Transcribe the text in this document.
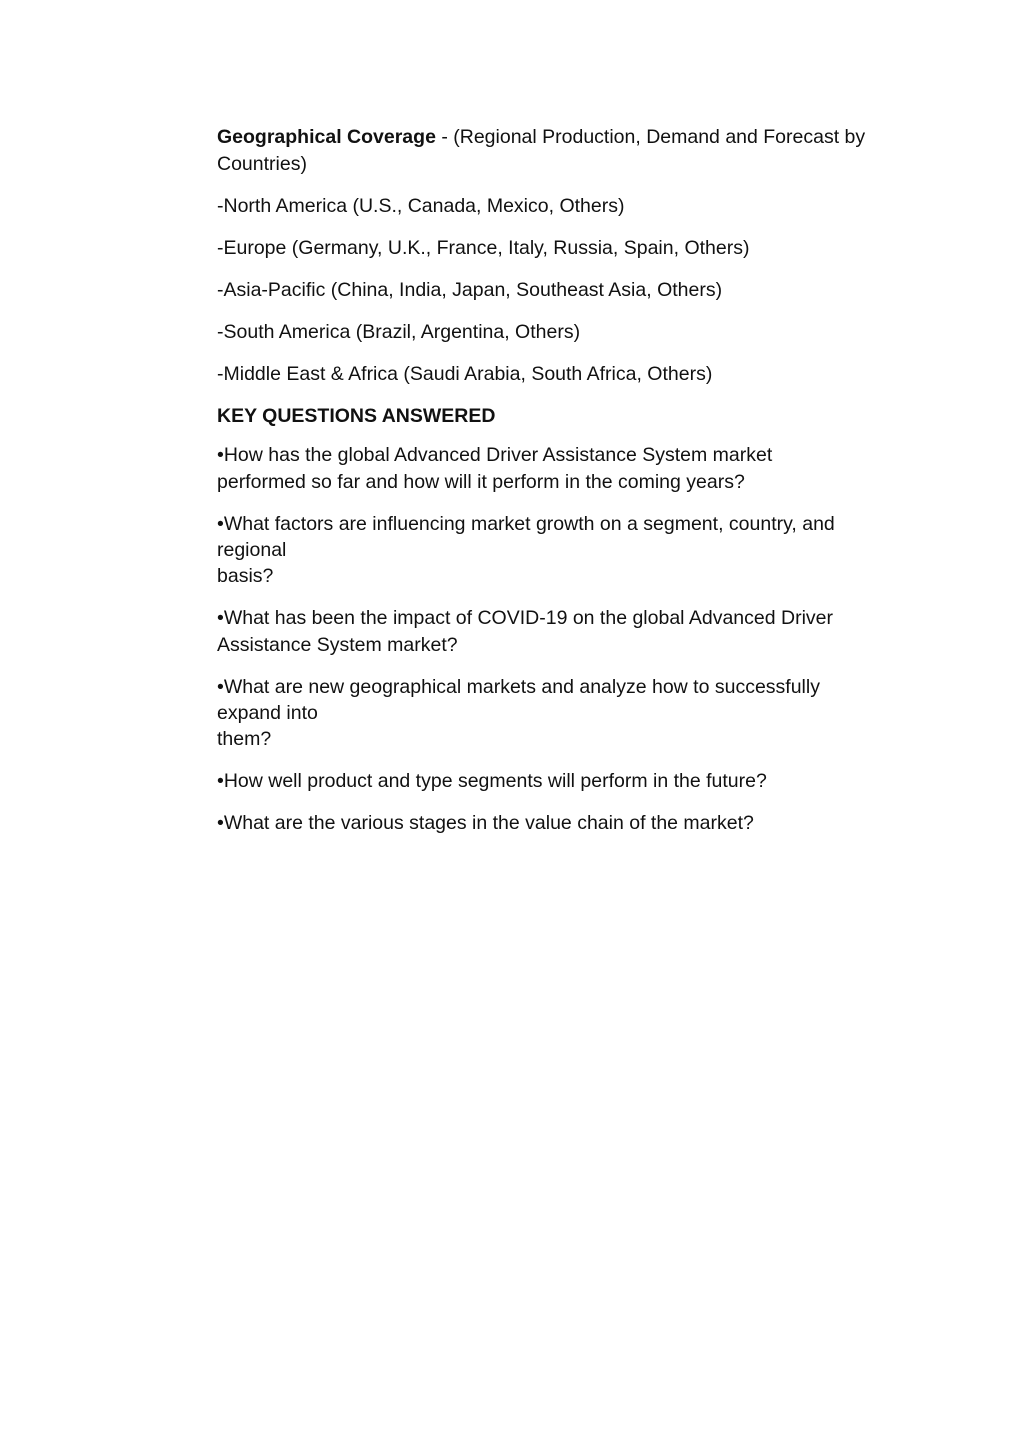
Geographical Coverage - (Regional Production, Demand and Forecast by Countries)

-North America (U.S., Canada, Mexico, Others)

-Europe (Germany, U.K., France, Italy, Russia, Spain, Others)

-Asia-Pacific (China, India, Japan, Southeast Asia, Others)

-South America (Brazil, Argentina, Others)

-Middle East & Africa (Saudi Arabia, South Africa, Others)

KEY QUESTIONS ANSWERED

•How has the global Advanced Driver Assistance System market
performed so far and how will it perform in the coming years?
•What factors are influencing market growth on a segment, country, and
regional
basis?
•What has been the impact of COVID-19 on the global Advanced Driver
Assistance System market?
•What are new geographical markets and analyze how to successfully
expand into
them?
•How well product and type segments will perform in the future?
•What are the various stages in the value chain of the market?
